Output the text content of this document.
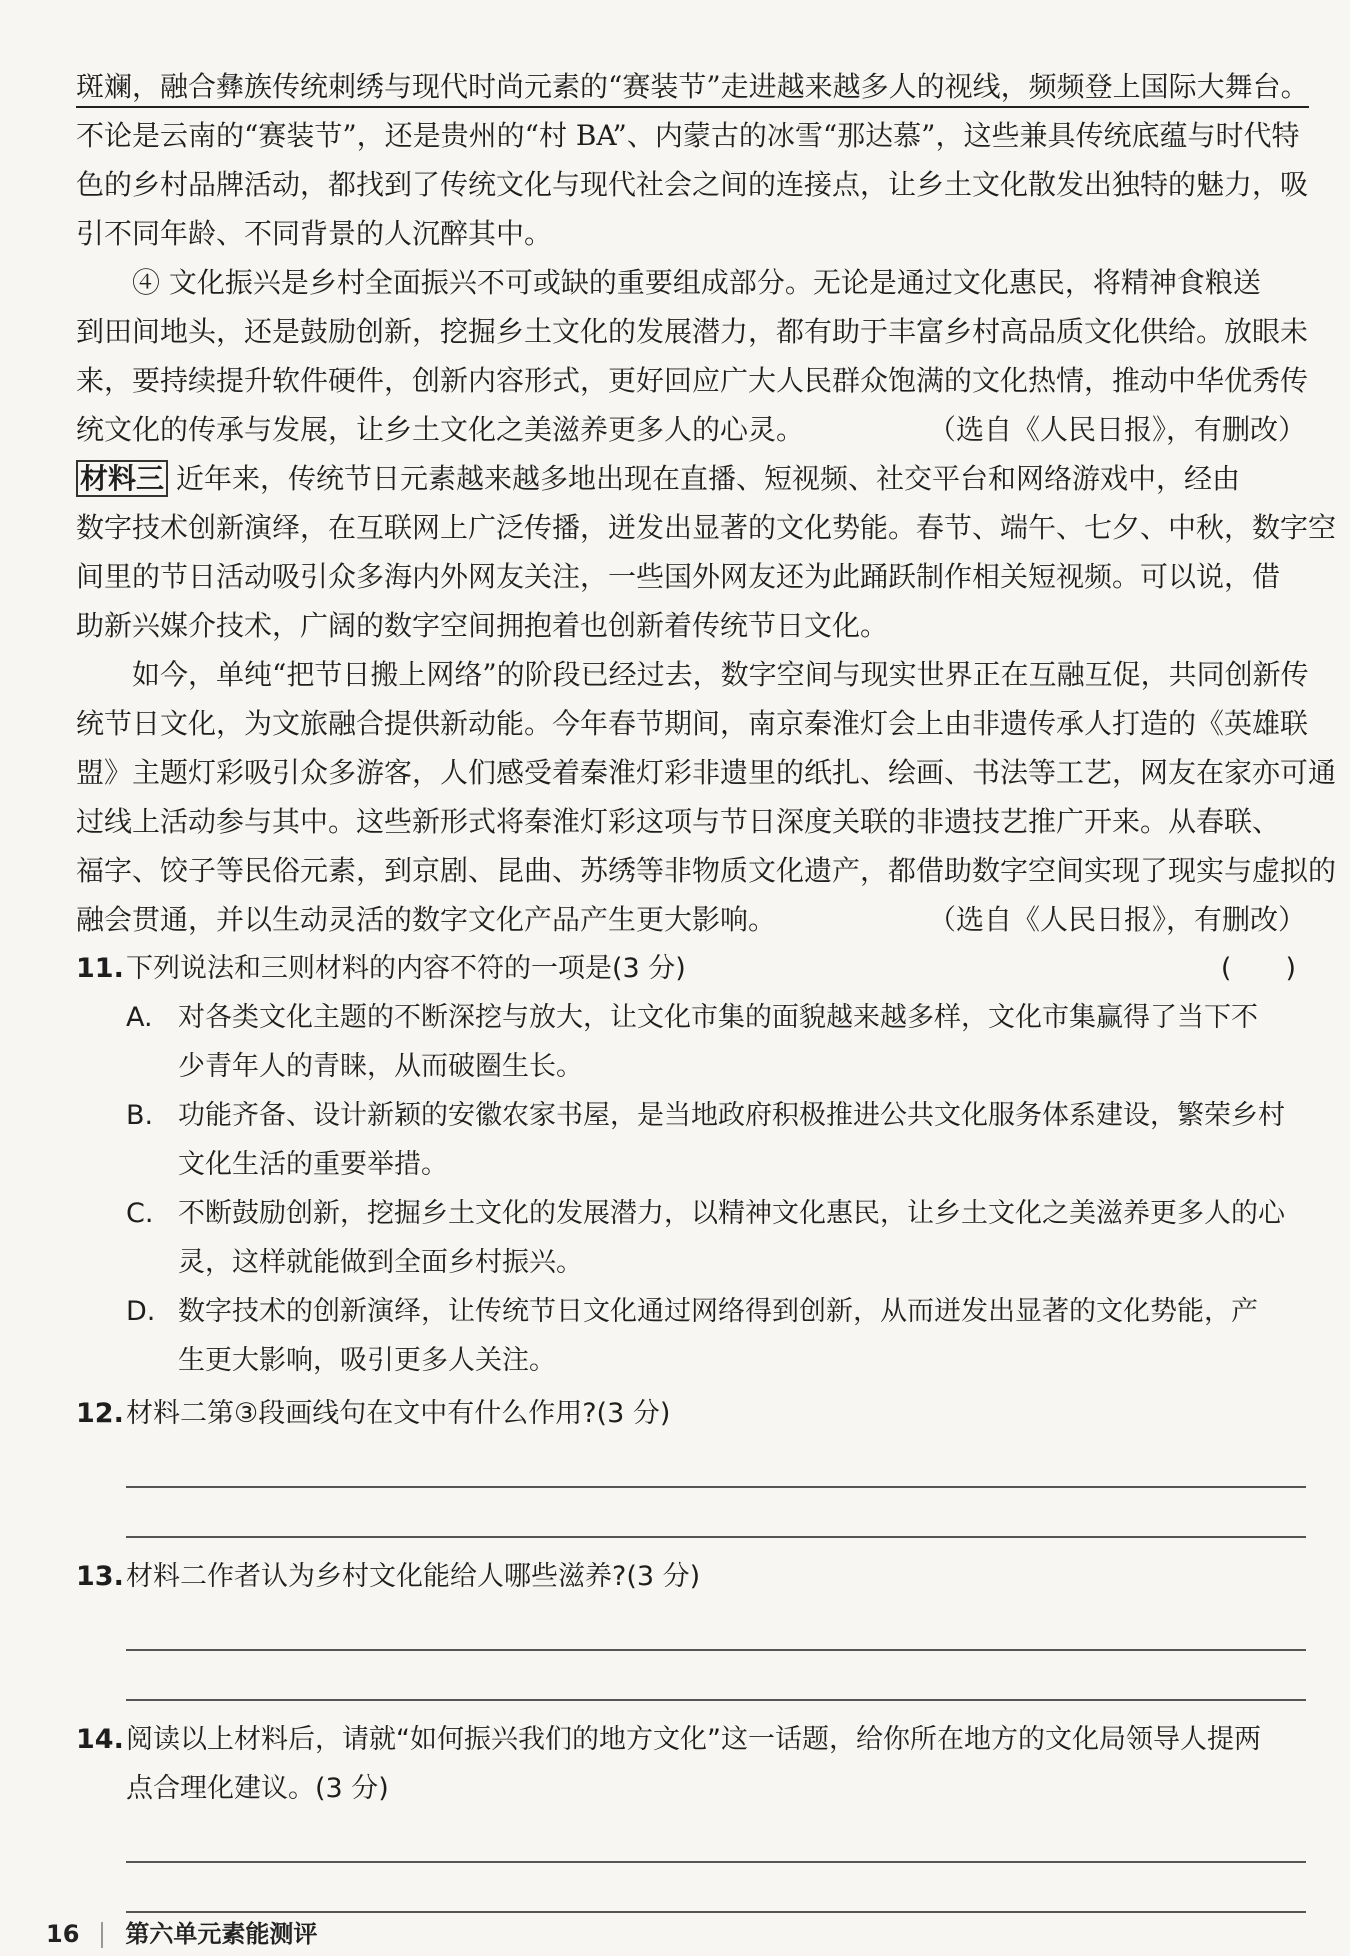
斑斓，融合彝族传统刺绣与现代时尚元素的“赛装节”走进越来越多人的视线，频频登上国际大舞台。
不论是云南的“赛装节”，还是贵州的“村 BA”、内蒙古的冰雪“那达慕”，这些兼具传统底蕴与时代特
色的乡村品牌活动，都找到了传统文化与现代社会之间的连接点，让乡土文化散发出独特的魅力，吸
引不同年龄、不同背景的人沉醉其中。
④ 文化振兴是乡村全面振兴不可或缺的重要组成部分。无论是通过文化惠民，将精神食粮送
到田间地头，还是鼓励创新，挖掘乡土文化的发展潜力，都有助于丰富乡村高品质文化供给。放眼未
来，要持续提升软件硬件，创新内容形式，更好回应广大人民群众饱满的文化热情，推动中华优秀传
统文化的传承与发展，让乡土文化之美滋养更多人的心灵。	（选自《人民日报》，有删改）
材料三 近年来，传统节日元素越来越多地出现在直播、短视频、社交平台和网络游戏中，经由
数字技术创新演绎，在互联网上广泛传播，迸发出显著的文化势能。春节、端午、七夕、中秋，数字空
间里的节日活动吸引众多海内外网友关注，一些国外网友还为此踊跃制作相关短视频。可以说，借
助新兴媒介技术，广阔的数字空间拥抱着也创新着传统节日文化。
如今，单纯“把节日搬上网络”的阶段已经过去，数字空间与现实世界正在互融互促，共同创新传
统节日文化，为文旅融合提供新动能。今年春节期间，南京秦淮灯会上由非遗传承人打造的《英雄联
盟》主题灯彩吸引众多游客，人们感受着秦淮灯彩非遗里的纸扎、绘画、书法等工艺，网友在家亦可通
过线上活动参与其中。这些新形式将秦淮灯彩这项与节日深度关联的非遗技艺推广开来。从春联、
福字、饺子等民俗元素，到京剧、昆曲、苏绣等非物质文化遗产，都借助数字空间实现了现实与虚拟的
融会贯通，并以生动灵活的数字文化产品产生更大影响。	（选自《人民日报》，有删改）
11.下列说法和三则材料的内容不符的一项是(3 分)	(　　)
A. 对各类文化主题的不断深挖与放大，让文化市集的面貌越来越多样，文化市集赢得了当下不
少青年人的青睐，从而破圈生长。
B. 功能齐备、设计新颖的安徽农家书屋，是当地政府积极推进公共文化服务体系建设，繁荣乡村
文化生活的重要举措。
C. 不断鼓励创新，挖掘乡土文化的发展潜力，以精神文化惠民，让乡土文化之美滋养更多人的心
灵，这样就能做到全面乡村振兴。
D. 数字技术的创新演绎，让传统节日文化通过网络得到创新，从而迸发出显著的文化势能，产
生更大影响，吸引更多人关注。
12.材料二第③段画线句在文中有什么作用?(3 分)
13.材料二作者认为乡村文化能给人哪些滋养?(3 分)
14.阅读以上材料后，请就“如何振兴我们的地方文化”这一话题，给你所在地方的文化局领导人提两
点合理化建议。(3 分)
16 第六单元素能测评
